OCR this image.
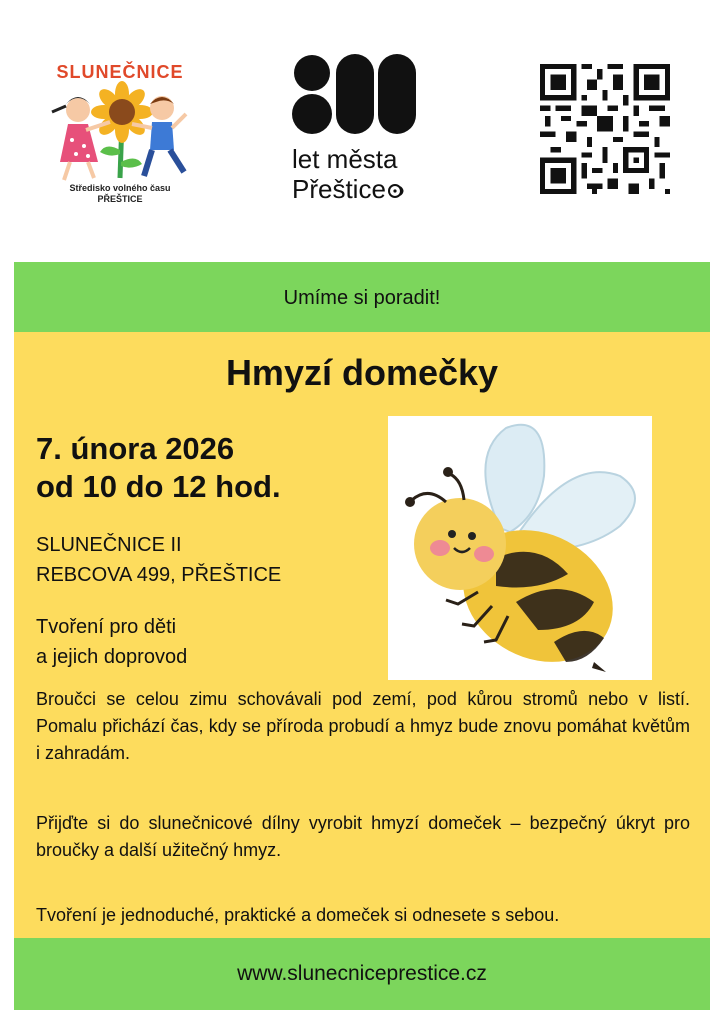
SLUNEČNICE
Středisko volného času
PŘEŠTICE
let města
Přeštice
Umíme si poradit!
Hmyzí domečky
7. února 2026
od 10 do 12 hod.
SLUNEČNICE II
REBCOVA 499, PŘEŠTICE
Tvoření pro děti
a jejich doprovod
Broučci se celou zimu schovávali pod zemí, pod kůrou stromů nebo v listí. Pomalu přichází čas, kdy se příroda probudí a hmyz bude znovu pomáhat květům i zahradám.
Přijďte si do slunečnicové dílny vyrobit hmyzí domeček – bezpečný úkryt pro broučky a další užitečný hmyz.
Tvoření je jednoduché, praktické a domeček si odnesete s sebou.
www.slunecniceprestice.cz
